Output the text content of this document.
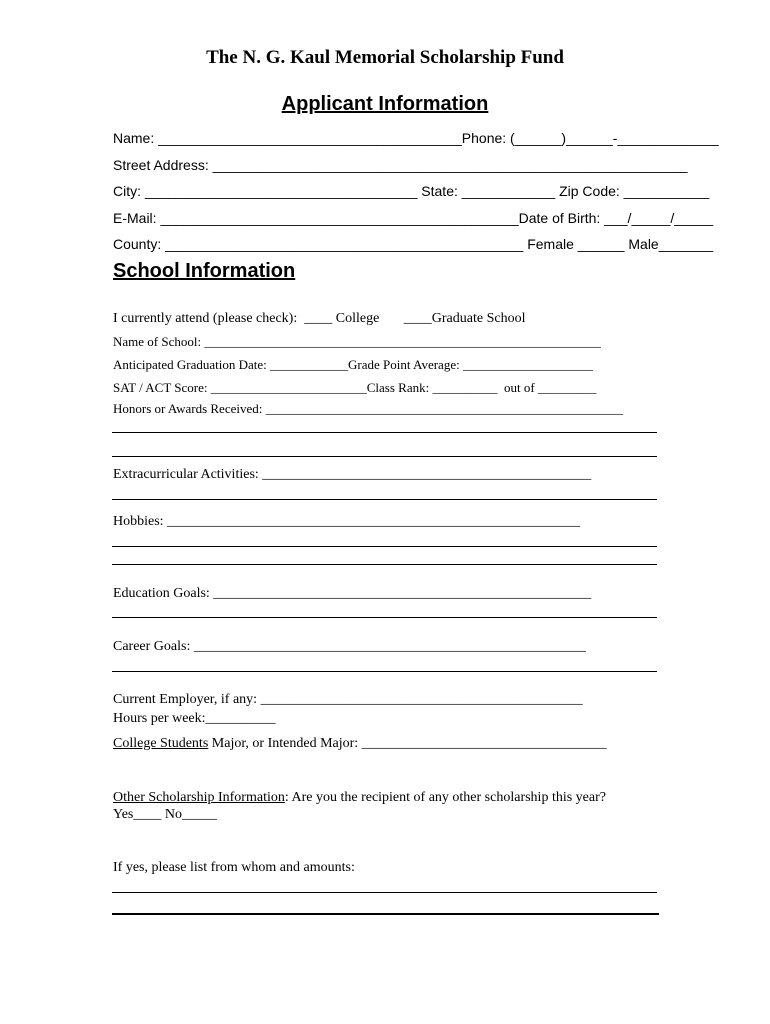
The N. G. Kaul Memorial Scholarship Fund
Applicant Information
Name: _______________________________________Phone: (______)______-_____________
Street Address: _____________________________________________________________
City: ___________________________________ State: ____________ Zip Code: ___________
E-Mail: ______________________________________________Date of Birth: ___/_____/_____
County: ______________________________________________ Female ______ Male_______
School Information
I currently attend (please check):  ____ College       ____Graduate School
Name of School: _____________________________________________________________
Anticipated Graduation Date: ____________Grade Point Average: ____________________
SAT / ACT Score: ________________________Class Rank: __________  out of _________
Honors or Awards Received: _______________________________________________________
Extracurricular Activities: _______________________________________________
Hobbies: ___________________________________________________________
Education Goals: ______________________________________________________
Career Goals: ________________________________________________________
Current Employer, if any: ______________________________________________
Hours per week:__________
College Students Major, or Intended Major: ___________________________________
Other Scholarship Information: Are you the recipient of any other scholarship this year?
Yes____ No_____
If yes, please list from whom and amounts:
